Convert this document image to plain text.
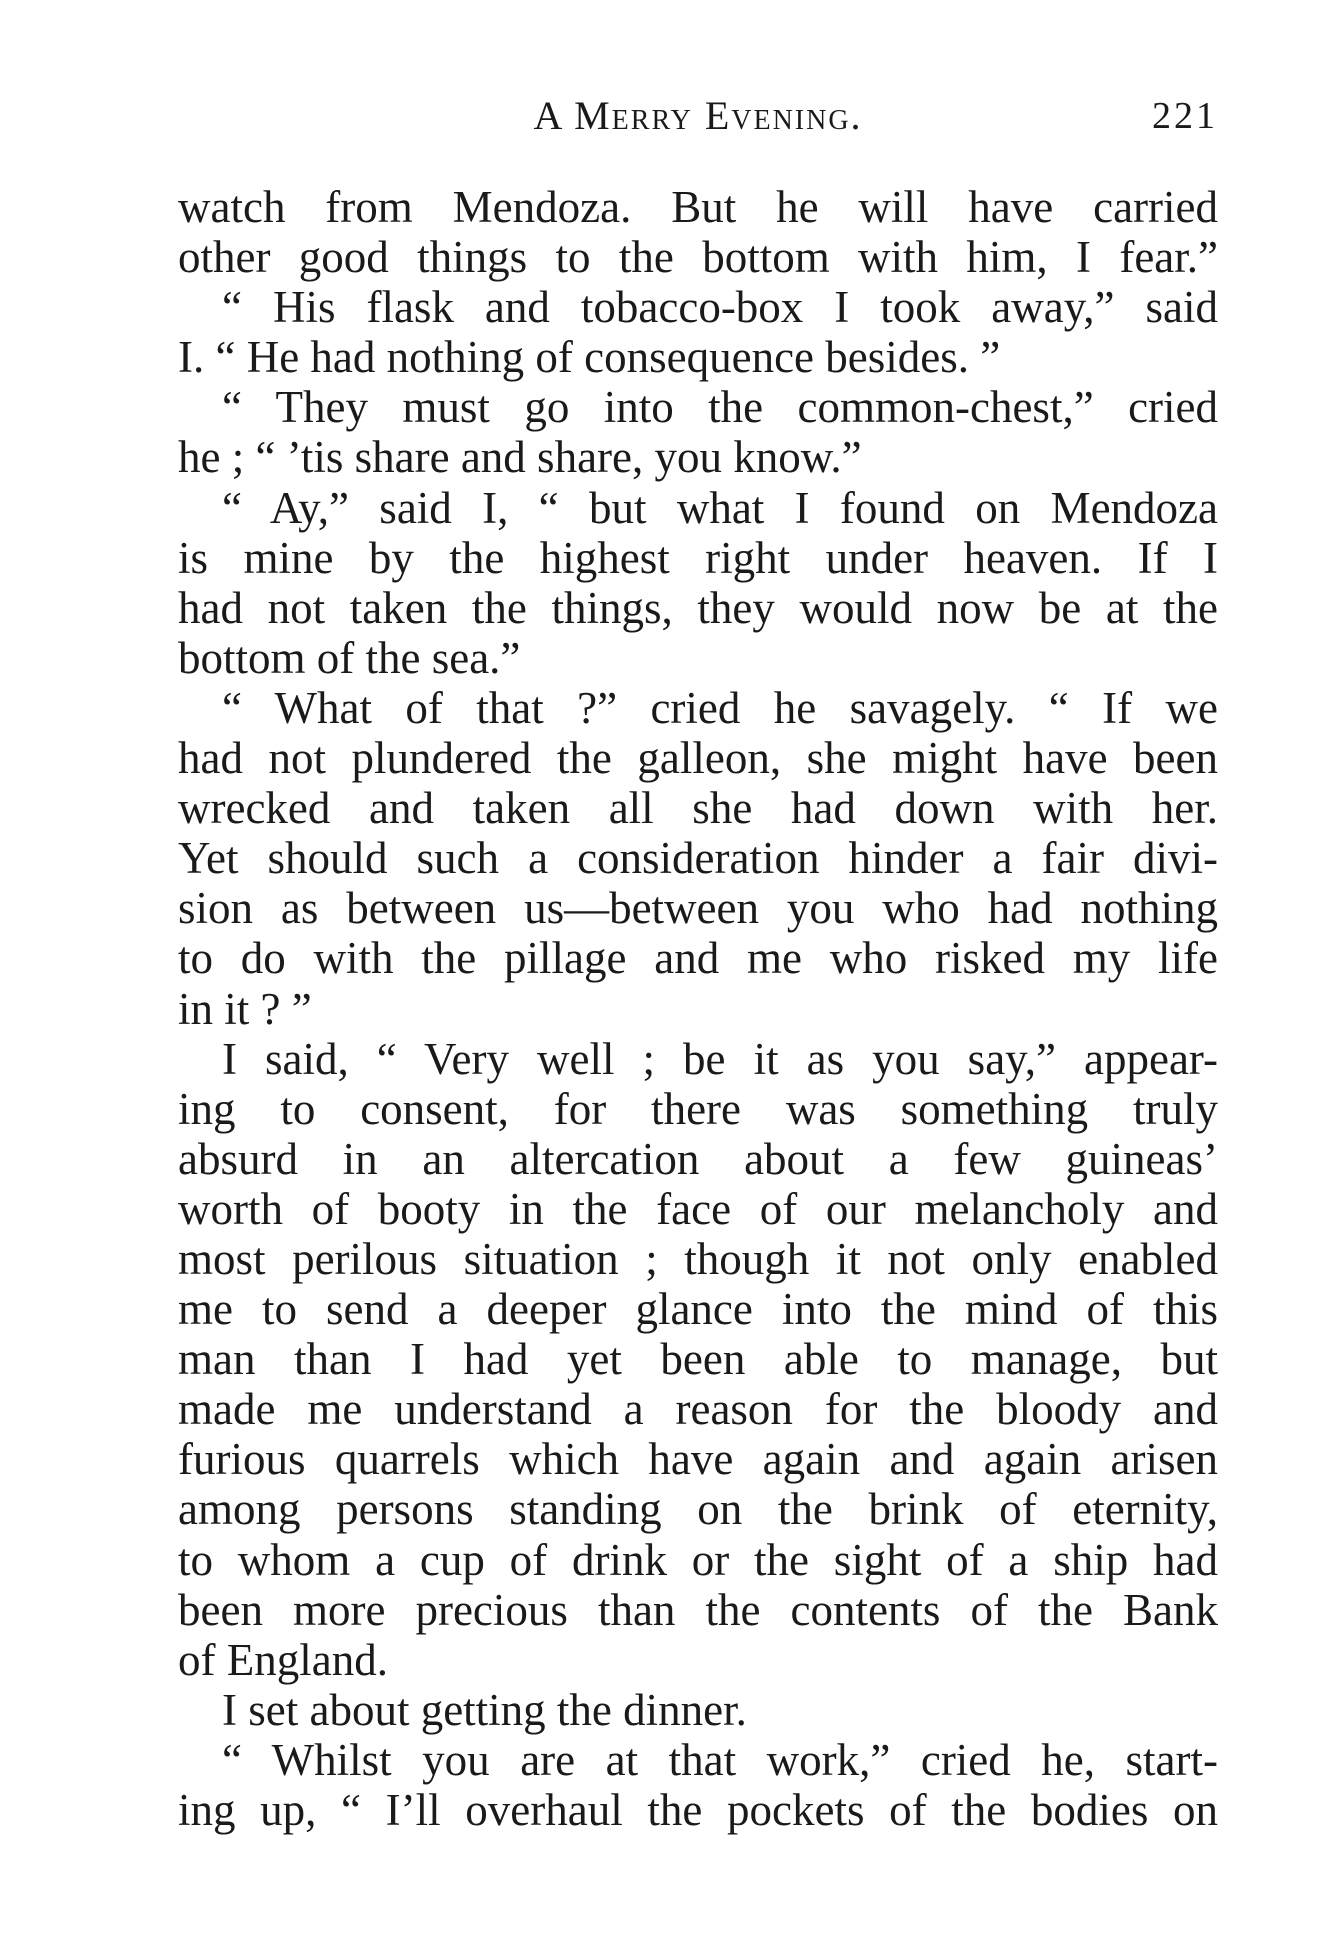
A Merry Evening.	221
watch from Mendoza. But he will have carried
other good things to the bottom with him, I fear.”
“ His flask and tobacco-box I took away,” said
I. “ He had nothing of consequence besides. ”
“ They must go into the common-chest,” cried
he ; “ ’tis share and share, you know.”
“ Ay,” said I, “ but what I found on Mendoza
is mine by the highest right under heaven. If I
had not taken the things, they would now be at the
bottom of the sea.”
“ What of that ?” cried he savagely. “ If we
had not plundered the galleon, she might have been
wrecked and taken all she had down with her.
Yet should such a consideration hinder a fair divi-
sion as between us—between you who had nothing
to do with the pillage and me who risked my life
in it ? ”
I said, “ Very well ; be it as you say,” appear-
ing to consent, for there was something truly
absurd in an altercation about a few guineas’
worth of booty in the face of our melancholy and
most perilous situation ; though it not only enabled
me to send a deeper glance into the mind of this
man than I had yet been able to manage, but
made me understand a reason for the bloody and
furious quarrels which have again and again arisen
among persons standing on the brink of eternity,
to whom a cup of drink or the sight of a ship had
been more precious than the contents of the Bank
of England.
I set about getting the dinner.
“ Whilst you are at that work,” cried he, start-
ing up, “ I’ll overhaul the pockets of the bodies on
